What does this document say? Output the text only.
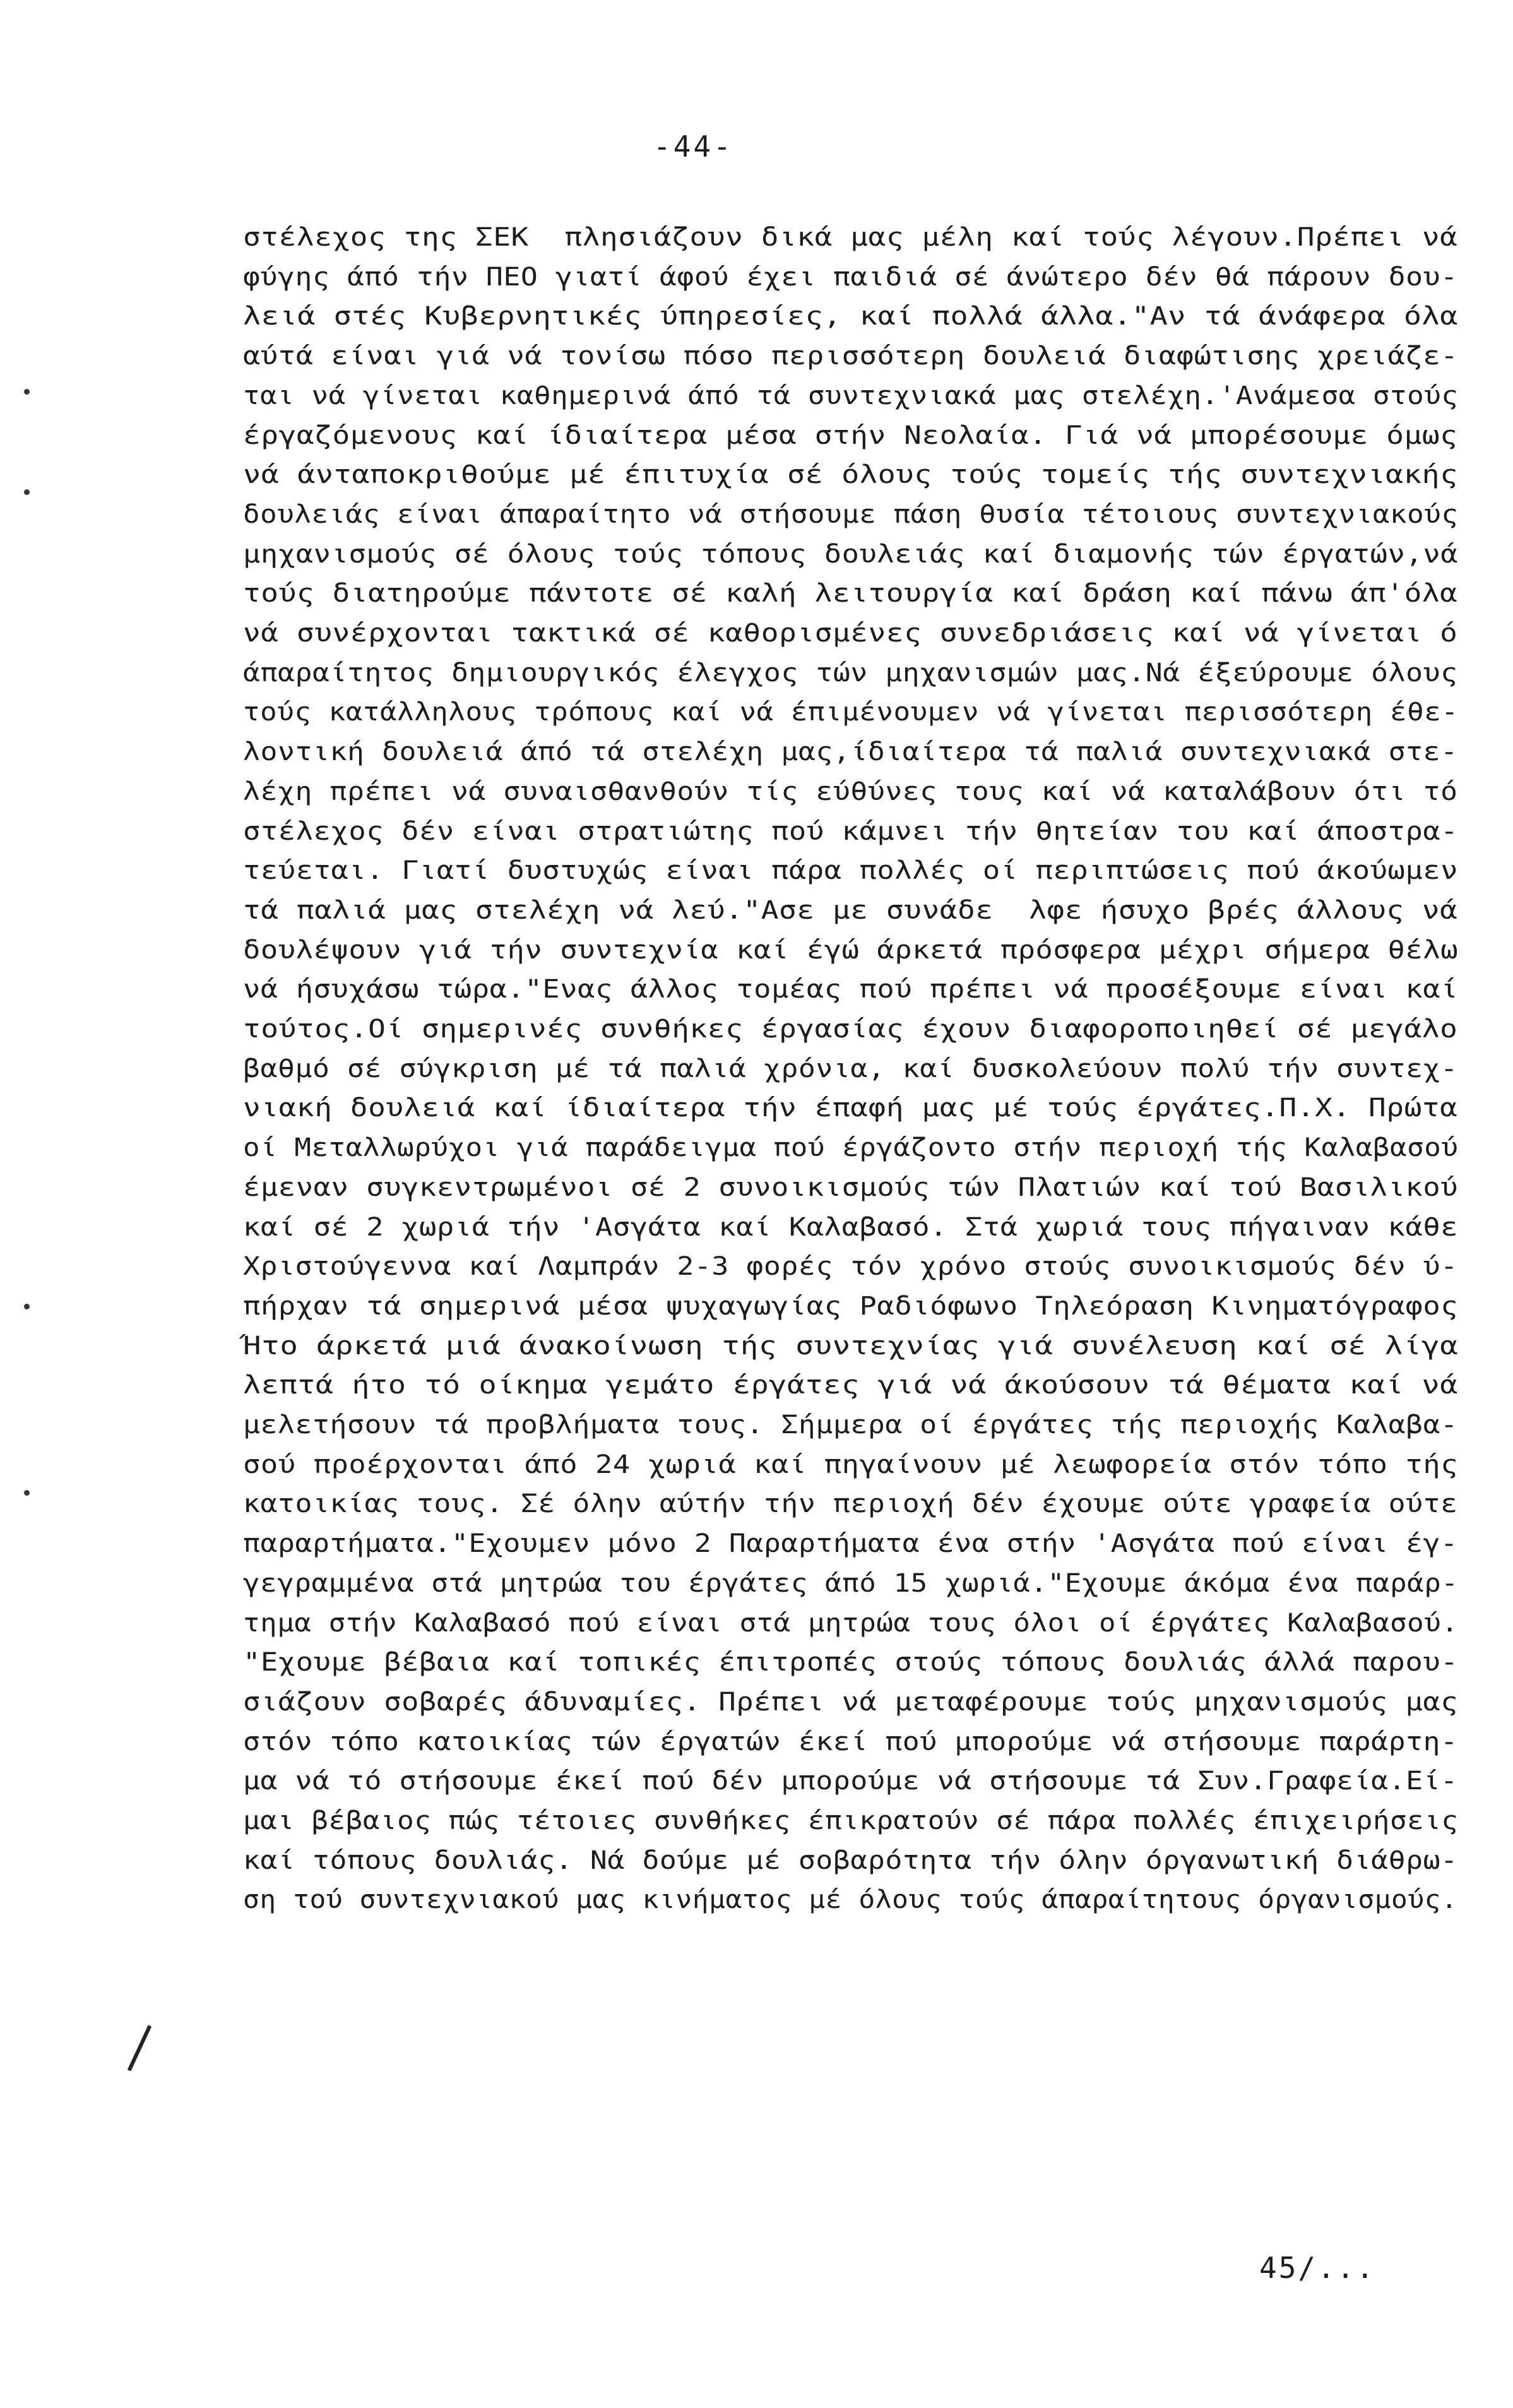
-44-
στέλεχος της ΣΕΚ  πλησιάζουν δικά μας μέλη καί τούς λέγουν.Πρέπει νά
φύγης άπό τήν ΠΕΟ γιατί άφού έχει παιδιά σέ άνώτερο δέν θά πάρουν δου-
λειά στές Κυβερνητικές ύπηρεσίες, καί πολλά άλλα."Αν τά άνάφερα όλα
αύτά είναι γιά νά τονίσω πόσο περισσότερη δουλειά διαφώτισης χρειάζε-
ται νά γίνεται καθημερινά άπό τά συντεχνιακά μας στελέχη.'Ανάμεσα στούς
έργαζόμενους καί ίδιαίτερα μέσα στήν Νεολαία. Γιά νά μπορέσουμε όμως
νά άνταποκριθούμε μέ έπιτυχία σέ όλους τούς τομείς τής συντεχνιακής
δουλειάς είναι άπαραίτητο νά στήσουμε πάση θυσία τέτοιους συντεχνιακούς
μηχανισμούς σέ όλους τούς τόπους δουλειάς καί διαμονής τών έργατών,νά
τούς διατηρούμε πάντοτε σέ καλή λειτουργία καί δράση καί πάνω άπ'όλα
νά συνέρχονται τακτικά σέ καθορισμένες συνεδριάσεις καί νά γίνεται ό
άπαραίτητος δημιουργικός έλεγχος τών μηχανισμών μας.Νά έξεύρουμε όλους
τούς κατάλληλους τρόπους καί νά έπιμένουμεν νά γίνεται περισσότερη έθε-
λοντική δουλειά άπό τά στελέχη μας,ίδιαίτερα τά παλιά συντεχνιακά στε-
λέχη πρέπει νά συναισθανθούν τίς εύθύνες τους καί νά καταλάβουν ότι τό
στέλεχος δέν είναι στρατιώτης πού κάμνει τήν θητείαν του καί άποστρα-
τεύεται. Γιατί δυστυχώς είναι πάρα πολλές οί περιπτώσεις πού άκούωμεν
τά παλιά μας στελέχη νά λεύ."Ασε με συνάδε  λφε ήσυχο βρές άλλους νά
δουλέψουν γιά τήν συντεχνία καί έγώ άρκετά πρόσφερα μέχρι σήμερα θέλω
νά ήσυχάσω τώρα."Ενας άλλος τομέας πού πρέπει νά προσέξουμε είναι καί
τούτος.Οί σημερινές συνθήκες έργασίας έχουν διαφοροποιηθεί σέ μεγάλο
βαθμό σέ σύγκριση μέ τά παλιά χρόνια, καί δυσκολεύουν πολύ τήν συντεχ-
νιακή δουλειά καί ίδιαίτερα τήν έπαφή μας μέ τούς έργάτες.Π.Χ. Πρώτα
οί Μεταλλωρύχοι γιά παράδειγμα πού έργάζοντο στήν περιοχή τής Καλαβασού
έμεναν συγκεντρωμένοι σέ 2 συνοικισμούς τών Πλατιών καί τού Βασιλικού
καί σέ 2 χωριά τήν 'Ασγάτα καί Καλαβασό. Στά χωριά τους πήγαιναν κάθε
Χριστούγεννα καί Λαμπράν 2-3 φορές τόν χρόνο στούς συνοικισμούς δέν ύ-
πήρχαν τά σημερινά μέσα ψυχαγωγίας Ραδιόφωνο Τηλεόραση Κινηματόγραφος
Ήτο άρκετά μιά άνακοίνωση τής συντεχνίας γιά συνέλευση καί σέ λίγα
λεπτά ήτο τό οίκημα γεμάτο έργάτες γιά νά άκούσουν τά θέματα καί νά
μελετήσουν τά προβλήματα τους. Σήμμερα οί έργάτες τής περιοχής Καλαβα-
σού προέρχονται άπό 24 χωριά καί πηγαίνουν μέ λεωφορεία στόν τόπο τής
κατοικίας τους. Σέ όλην αύτήν τήν περιοχή δέν έχουμε ούτε γραφεία ούτε
παραρτήματα."Εχουμεν μόνο 2 Παραρτήματα ένα στήν 'Ασγάτα πού είναι έγ-
γεγραμμένα στά μητρώα του έργάτες άπό 15 χωριά."Εχουμε άκόμα ένα παράρ-
τημα στήν Καλαβασό πού είναι στά μητρώα τους όλοι οί έργάτες Καλαβασού.
"Εχουμε βέβαια καί τοπικές έπιτροπές στούς τόπους δουλιάς άλλά παρου-
σιάζουν σοβαρές άδυναμίες. Πρέπει νά μεταφέρουμε τούς μηχανισμούς μας
στόν τόπο κατοικίας τών έργατών έκεί πού μπορούμε νά στήσουμε παράρτη-
μα νά τό στήσουμε έκεί πού δέν μπορούμε νά στήσουμε τά Συν.Γραφεία.Εί-
μαι βέβαιος πώς τέτοιες συνθήκες έπικρατούν σέ πάρα πολλές έπιχειρήσεις
καί τόπους δουλιάς. Νά δούμε μέ σοβαρότητα τήν όλην όργανωτική διάθρω-
ση τού συντεχνιακού μας κινήματος μέ όλους τούς άπαραίτητους όργανισμούς.
45/...
